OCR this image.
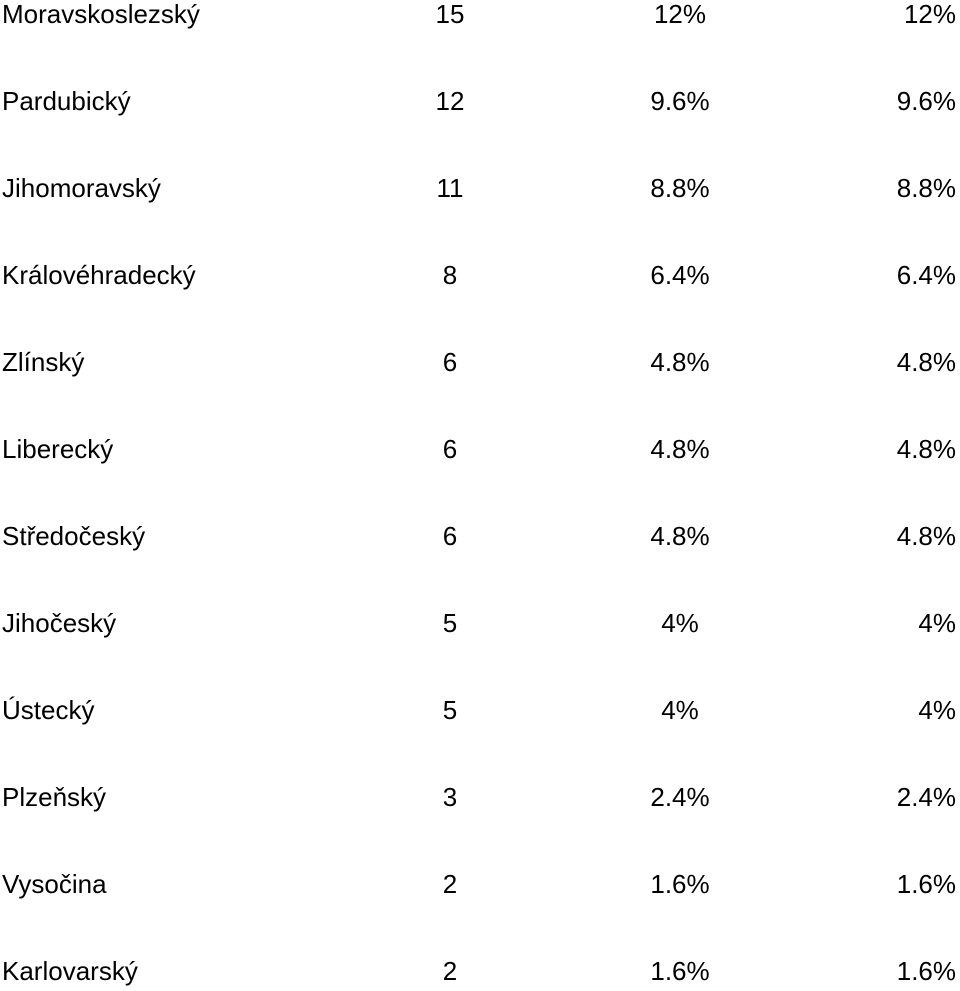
Moravskoslezský	15	12%	12%
Pardubický	12	9.6%	9.6%
Jihomoravský	11	8.8%	8.8%
Královéhradecký	8	6.4%	6.4%
Zlínský	6	4.8%	4.8%
Liberecký	6	4.8%	4.8%
Středočeský	6	4.8%	4.8%
Jihočeský	5	4%	4%
Ústecký	5	4%	4%
Plzeňský	3	2.4%	2.4%
Vysočina	2	1.6%	1.6%
Karlovarský	2	1.6%	1.6%
